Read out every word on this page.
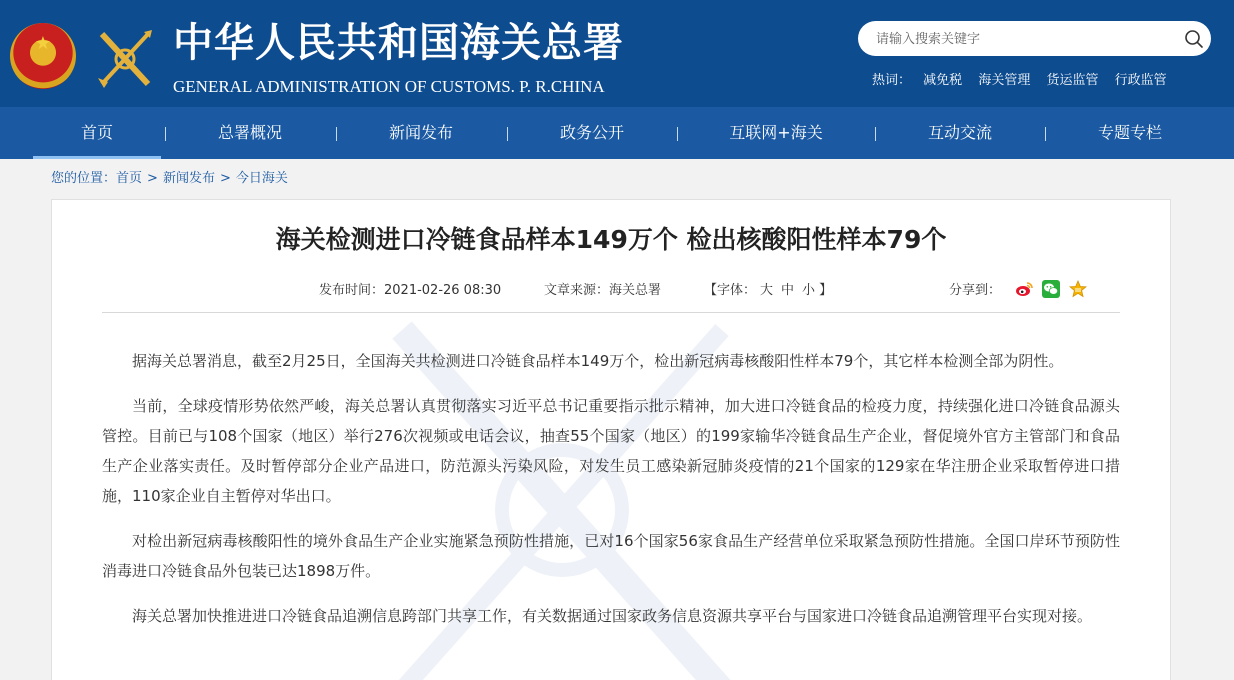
★	中华人民共和国海关总署
GENERAL ADMINISTRATION OF CUSTOMS. P. R.CHINA
请输入搜索关键字	热词： 减免税 海关管理 货运监管 行政监管
首页	总署概况	新闻发布	政务公开	互联网+海关	互动交流	专题专栏
您的位置：首页 > 新闻发布 > 今日海关
海关检测进口冷链食品样本149万个 检出核酸阳性样本79个
发布时间：2021-02-26 08:30	文章来源：海关总署	【字体： 大 中 小 】	分享到：

据海关总署消息，截至2月25日，全国海关共检测进口冷链食品样本149万个，检出新冠病毒核酸阳性样本79个，其它样本检测全部为阴性。

当前，全球疫情形势依然严峻，海关总署认真贯彻落实习近平总书记重要指示批示精神，加大进口冷链食品的检疫力度，持续强化进口冷链食品源头管控。目前已与108个国家（地区）举行276次视频或电话会议，抽查55个国家（地区）的199家输华冷链食品生产企业，督促境外官方主管部门和食品生产企业落实责任。及时暂停部分企业产品进口，防范源头污染风险，对发生员工感染新冠肺炎疫情的21个国家的129家在华注册企业采取暂停进口措施，110家企业自主暂停对华出口。

对检出新冠病毒核酸阳性的境外食品生产企业实施紧急预防性措施，已对16个国家56家食品生产经营单位采取紧急预防性措施。全国口岸环节预防性消毒进口冷链食品外包装已达1898万件。

海关总署加快推进进口冷链食品追溯信息跨部门共享工作，有关数据通过国家政务信息资源共享平台与国家进口冷链食品追溯管理平台实现对接。
